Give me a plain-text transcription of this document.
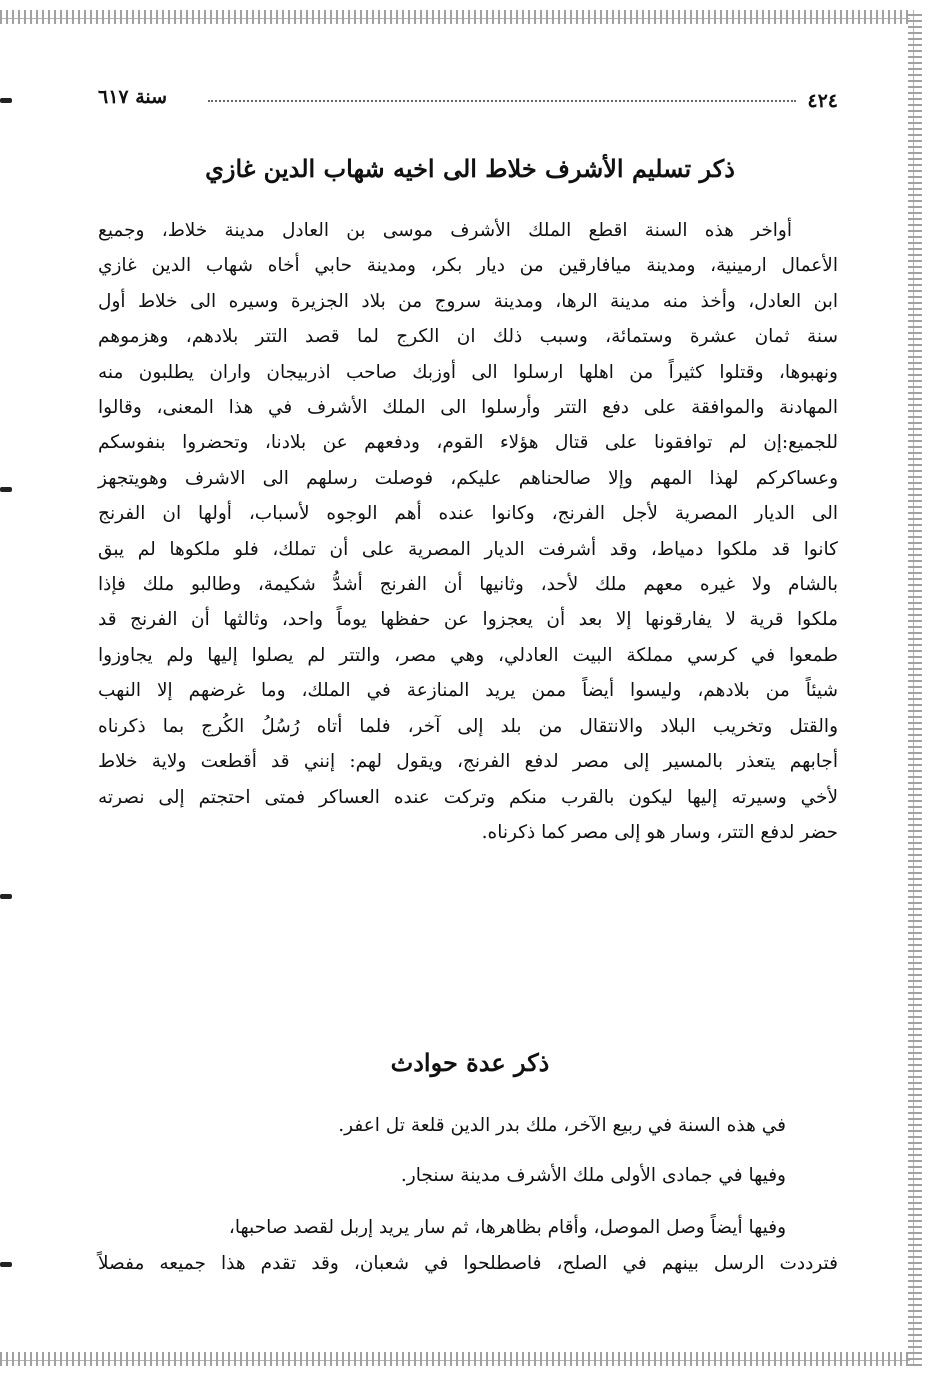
٤٢٤
سنة ٦١٧
ذكر تسليم الأشرف خلاط الى اخيه شهاب الدين غازي
أواخر هذه السنة اقطع الملك الأشرف موسى بن العادل مدينة خلاط، وجميع
الأعمال ارمينية، ومدينة ميافارقين من ديار بكر، ومدينة حابي أخاه شهاب الدين غازي
ابن العادل، وأخذ منه مدينة الرها، ومدينة سروج من بلاد الجزيرة وسيره الى خلاط أول
سنة ثمان عشرة وستمائة، وسبب ذلك ان الكرج لما قصد التتر بلادهم، وهزموهم
ونهبوها، وقتلوا كثيراً من اهلها ارسلوا الى أوزبك صاحب اذربيجان واران يطلبون منه
المهادنة والموافقة على دفع التتر وأرسلوا الى الملك الأشرف في هذا المعنى، وقالوا
للجميع:إن لم توافقونا على قتال هؤلاء القوم، ودفعهم عن بلادنا، وتحضروا بنفوسكم
وعساكركم لهذا المهم وإلا صالحناهم عليكم، فوصلت رسلهم الى الاشرف وهويتجهز
الى الديار المصرية لأجل الفرنج، وكانوا عنده أهم الوجوه لأسباب، أولها ان الفرنج
كانوا قد ملكوا دمياط، وقد أشرفت الديار المصرية على أن تملك، فلو ملكوها لم يبق
بالشام ولا غيره معهم ملك لأحد، وثانيها أن الفرنج أشدُّ شكيمة، وطالبو ملك فإذا
ملكوا قرية لا يفارقونها إلا بعد أن يعجزوا عن حفظها يوماً واحد، وثالثها أن الفرنج قد
طمعوا في كرسي مملكة البيت العادلي، وهي مصر، والتتر لم يصلوا إليها ولم يجاوزوا
شيئاً من بلادهم، وليسوا أيضاً ممن يريد المنازعة في الملك، وما غرضهم إلا النهب
والقتل وتخريب البلاد والانتقال من بلد إلى آخر، فلما أتاه رُسُلُ الكُرج بما ذكرناه
أجابهم يتعذر بالمسير إلى مصر لدفع الفرنج، ويقول لهم: إنني قد أقطعت ولاية خلاط
لأخي وسيرته إليها ليكون بالقرب منكم وتركت عنده العساكر فمتى احتجتم إلى نصرته
حضر لدفع التتر، وسار هو إلى مصر كما ذكرناه.
ذكر عدة حوادث
في هذه السنة في ربيع الآخر، ملك بدر الدين قلعة تل اعفر.
وفيها في جمادى الأولى ملك الأشرف مدينة سنجار.
وفيها أيضاً وصل الموصل، وأقام بظاهرها، ثم سار يريد إربل لقصد صاحبها،
فترددت الرسل بينهم في الصلح، فاصطلحوا في شعبان، وقد تقدم هذا جميعه مفصلاً
